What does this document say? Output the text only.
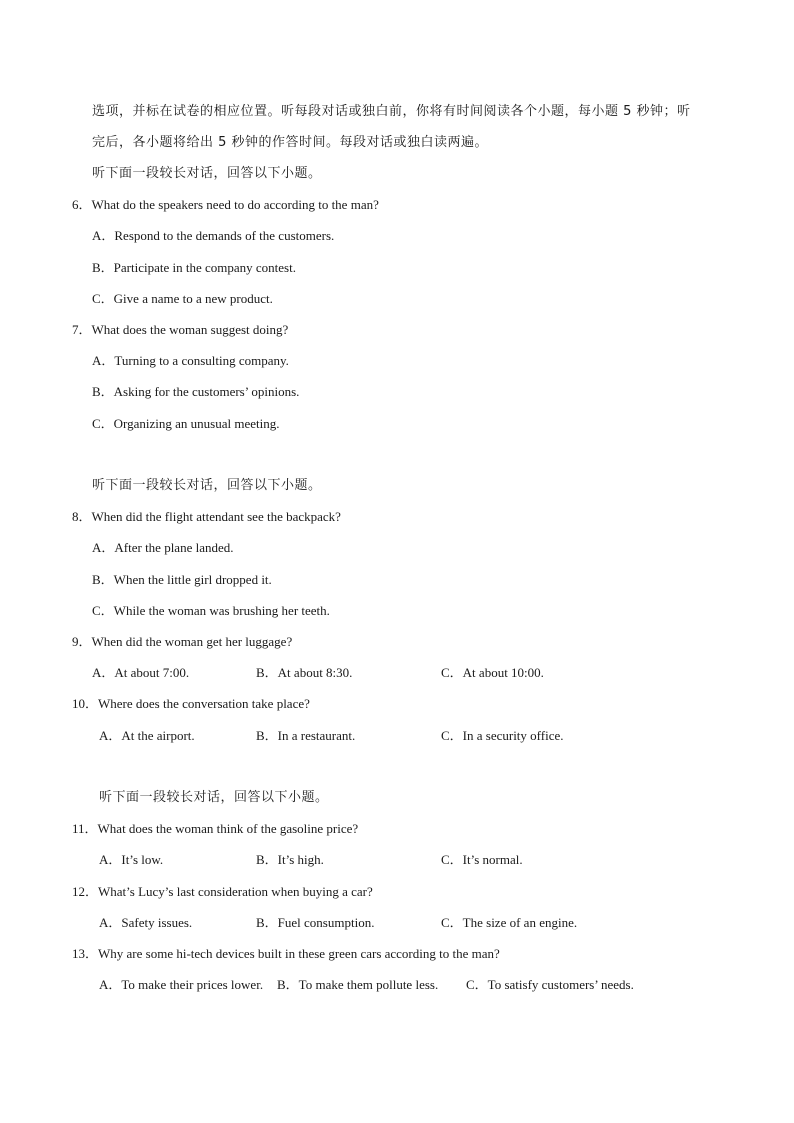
选项，并标在试卷的相应位置。听每段对话或独白前，你将有时间阅读各个小题，每小题 5 秒钟；听
完后，各小题将给出 5 秒钟的作答时间。每段对话或独白读两遍。
听下面一段较长对话，回答以下小题。
6．What do the speakers need to do according to the man?
A．Respond to the demands of the customers.
B．Participate in the company contest.
C．Give a name to a new product.
7．What does the woman suggest doing?
A．Turning to a consulting company.
B．Asking for the customers’ opinions.
C．Organizing an unusual meeting.
听下面一段较长对话，回答以下小题。
8．When did the flight attendant see the backpack?
A．After the plane landed.
B．When the little girl dropped it.
C．While the woman was brushing her teeth.
9．When did the woman get her luggage?
A．At about 7:00.	B．At about 8:30.	C．At about 10:00.
10．Where does the conversation take place?
A．At the airport.	B．In a restaurant.	C．In a security office.
听下面一段较长对话，回答以下小题。
11．What does the woman think of the gasoline price?
A．It’s low.	B．It’s high.	C．It’s normal.
12．What’s Lucy’s last consideration when buying a car?
A．Safety issues.	B．Fuel consumption.	C．The size of an engine.
13．Why are some hi-tech devices built in these green cars according to the man?
A．To make their prices lower. B．To make them pollute less. C．To satisfy customers’ needs.
